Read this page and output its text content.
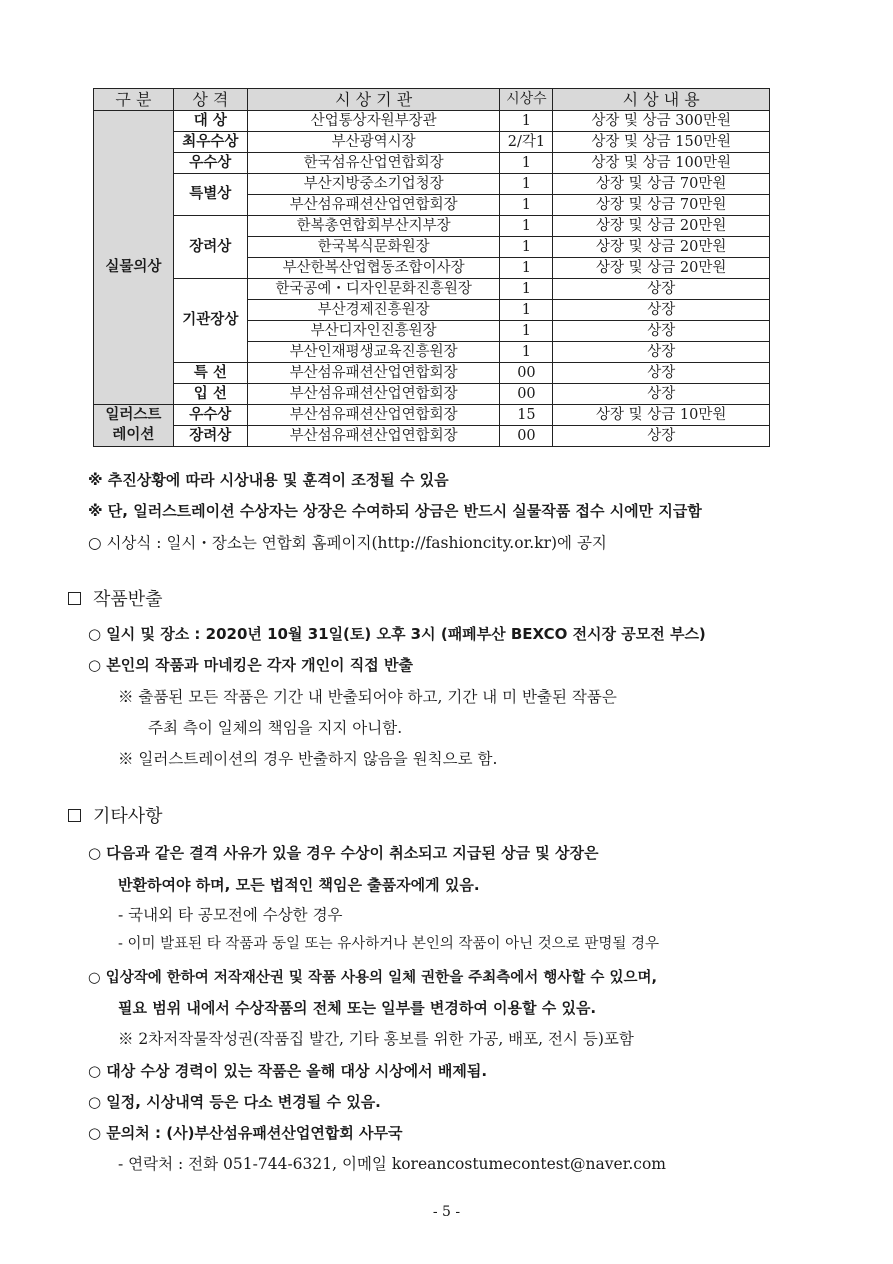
구 분	상 격	시 상 기 관	시상수	시 상 내 용
실물의상	대 상	산업통상자원부장관	1	상장 및 상금 300만원
	최우수상	부산광역시장	2/각1	상장 및 상금 150만원
	우수상	한국섬유산업연합회장	1	상장 및 상금 100만원
	특별상	부산지방중소기업청장	1	상장 및 상금 70만원
		부산섬유패션산업연합회장	1	상장 및 상금 70만원
	장려상	한복총연합회부산지부장	1	상장 및 상금 20만원
		한국복식문화원장	1	상장 및 상금 20만원
		부산한복산업협동조합이사장	1	상장 및 상금 20만원
	기관장상	한국공예・디자인문화진흥원장	1	상장
		부산경제진흥원장	1	상장
		부산디자인진흥원장	1	상장
		부산인재평생교육진흥원장	1	상장
	특 선	부산섬유패션산업연합회장	00	상장
	입 선	부산섬유패션산업연합회장	00	상장
일러스트	우수상	부산섬유패션산업연합회장	15	상장 및 상금 10만원
레이션	장려상	부산섬유패션산업연합회장	00	상장
※ 추진상황에 따라 시상내용 및 훈격이 조정될 수 있음
※ 단, 일러스트레이션 수상자는 상장은 수여하되 상금은 반드시 실물작품 접수 시에만 지급함
○ 시상식 : 일시・장소는 연합회 홈페이지(http://fashioncity.or.kr)에 공지
작품반출
○ 일시 및 장소 : 2020년 10월 31일(토) 오후 3시 (패페부산 BEXCO 전시장 공모전 부스)
○ 본인의 작품과 마네킹은 각자 개인이 직접 반출
※ 출품된 모든 작품은 기간 내 반출되어야 하고, 기간 내 미 반출된 작품은
주최 측이 일체의 책임을 지지 아니함.
※ 일러스트레이션의 경우 반출하지 않음을 원칙으로 함.
기타사항
○ 다음과 같은 결격 사유가 있을 경우 수상이 취소되고 지급된 상금 및 상장은
반환하여야 하며, 모든 법적인 책임은 출품자에게 있음.
- 국내외 타 공모전에 수상한 경우
- 이미 발표된 타 작품과 동일 또는 유사하거나 본인의 작품이 아닌 것으로 판명될 경우
○ 입상작에 한하여 저작재산권 및 작품 사용의 일체 권한을 주최측에서 행사할 수 있으며,
필요 범위 내에서 수상작품의 전체 또는 일부를 변경하여 이용할 수 있음.
※ 2차저작물작성권(작품집 발간, 기타 홍보를 위한 가공, 배포, 전시 등)포함
○ 대상 수상 경력이 있는 작품은 올해 대상 시상에서 배제됨.
○ 일정, 시상내역 등은 다소 변경될 수 있음.
○ 문의처 : (사)부산섬유패션산업연합회 사무국
- 연락처 : 전화 051-744-6321, 이메일 koreancostumecontest@naver.com
- 5 -
